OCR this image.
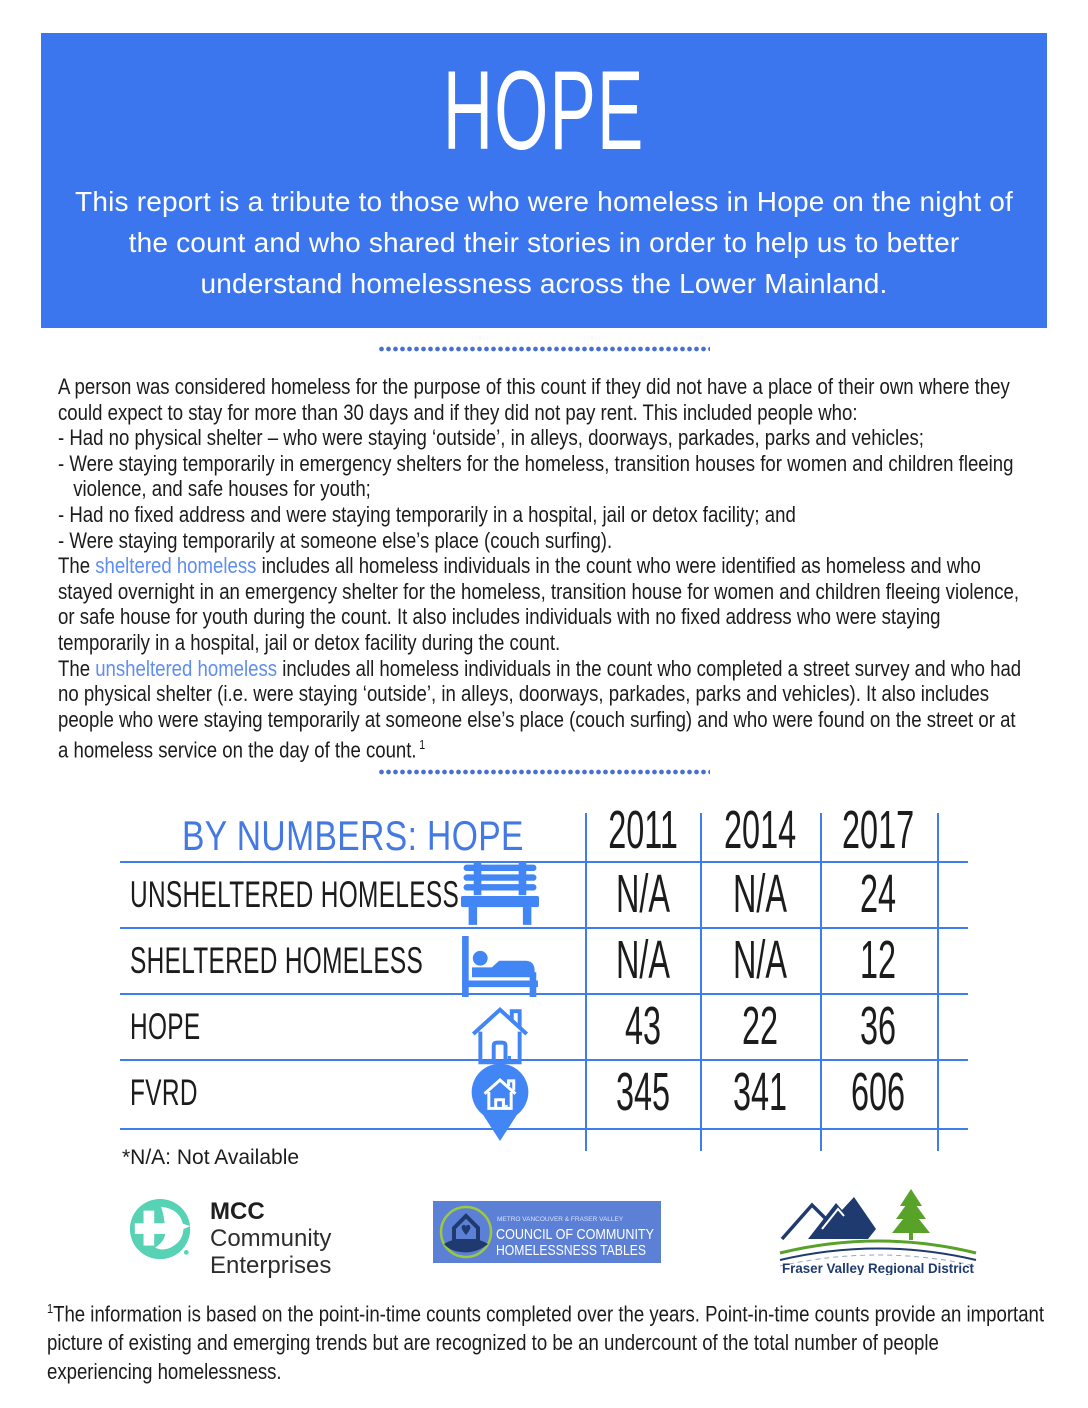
HOPE
This report is a tribute to those who were homeless in Hope on the night of the count and who shared their stories in order to help us to better understand homelessness across the Lower Mainland.
A person was considered homeless for the purpose of this count if they did not have a place of their own where they could expect to stay for more than 30 days and if they did not pay rent. This included people who:
- Had no physical shelter – who were staying ‘outside’, in alleys, doorways, parkades, parks and vehicles;
- Were staying temporarily in emergency shelters for the homeless, transition houses for women and children fleeing violence, and safe houses for youth;
- Had no fixed address and were staying temporarily in a hospital, jail or detox facility; and
- Were staying temporarily at someone else’s place (couch surfing).
The sheltered homeless includes all homeless individuals in the count who were identified as homeless and who stayed overnight in an emergency shelter for the homeless, transition house for women and children fleeing violence, or safe house for youth during the count. It also includes individuals with no fixed address who were staying temporarily in a hospital, jail or detox facility during the count.
The unsheltered homeless includes all homeless individuals in the count who completed a street survey and who had no physical shelter (i.e. were staying ‘outside’, in alleys, doorways, parkades, parks and vehicles). It also includes people who were staying temporarily at someone else’s place (couch surfing) and who were found on the street or at a homeless service on the day of the count. $^1$
BY NUMBERS: HOPE	2011 2014 2017
UNSHELTERED HOMELESS	N/A N/A 24
SHELTERED HOMELESS	N/A N/A 12
HOPE	43 22 36
FVRD	345 341 606
*N/A: Not Available
MCC
Community
Enterprises
METRO VANCOUVER & FRASER VALLEY
COUNCIL OF COMMUNITY
HOMELESSNESS TABLES
Fraser Valley Regional District

$^1$The information is based on the point-in-time counts completed over the years. Point-in-time counts provide an important picture of existing and emerging trends but are recognized to be an undercount of the total number of people experiencing homelessness.
